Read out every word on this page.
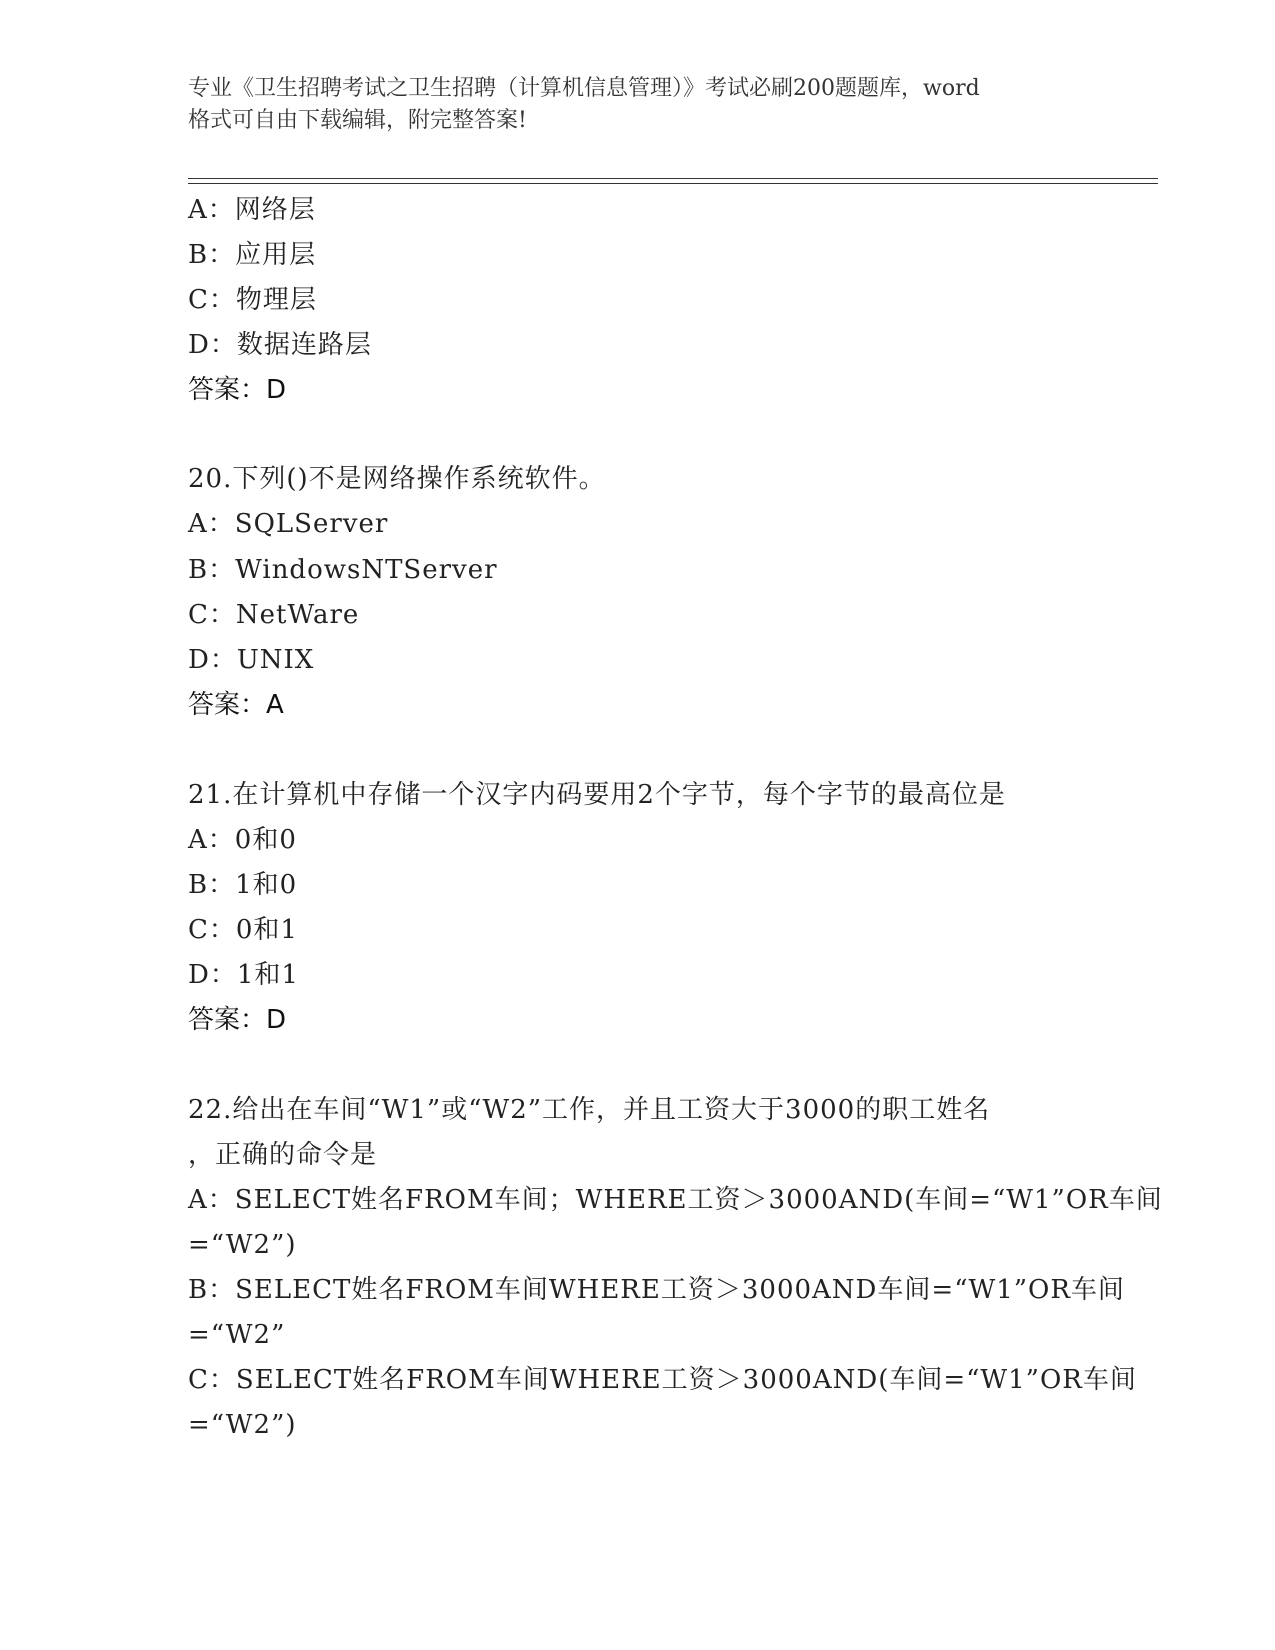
专业《卫生招聘考试之卫生招聘（计算机信息管理）》考试必刷200题题库，word
格式可自由下载编辑，附完整答案!
A：网络层
B：应用层
C：物理层
D：数据连路层
答案：D
20.下列()不是网络操作系统软件。
A：SQLServer
B：WindowsNTServer
C：NetWare
D：UNIX
答案：A
21.在计算机中存储一个汉字内码要用2个字节，每个字节的最高位是
A：0和0
B：1和0
C：0和1
D：1和1
答案：D
22.给出在车间“W1”或“W2”工作，并且工资大于3000的职工姓名
，正确的命令是
A：SELECT姓名FROM车间；WHERE工资＞3000AND(车间=“W1”OR车间
=“W2”)
B：SELECT姓名FROM车间WHERE工资＞3000AND车间=“W1”OR车间
=“W2”
C：SELECT姓名FROM车间WHERE工资＞3000AND(车间=“W1”OR车间
=“W2”)
